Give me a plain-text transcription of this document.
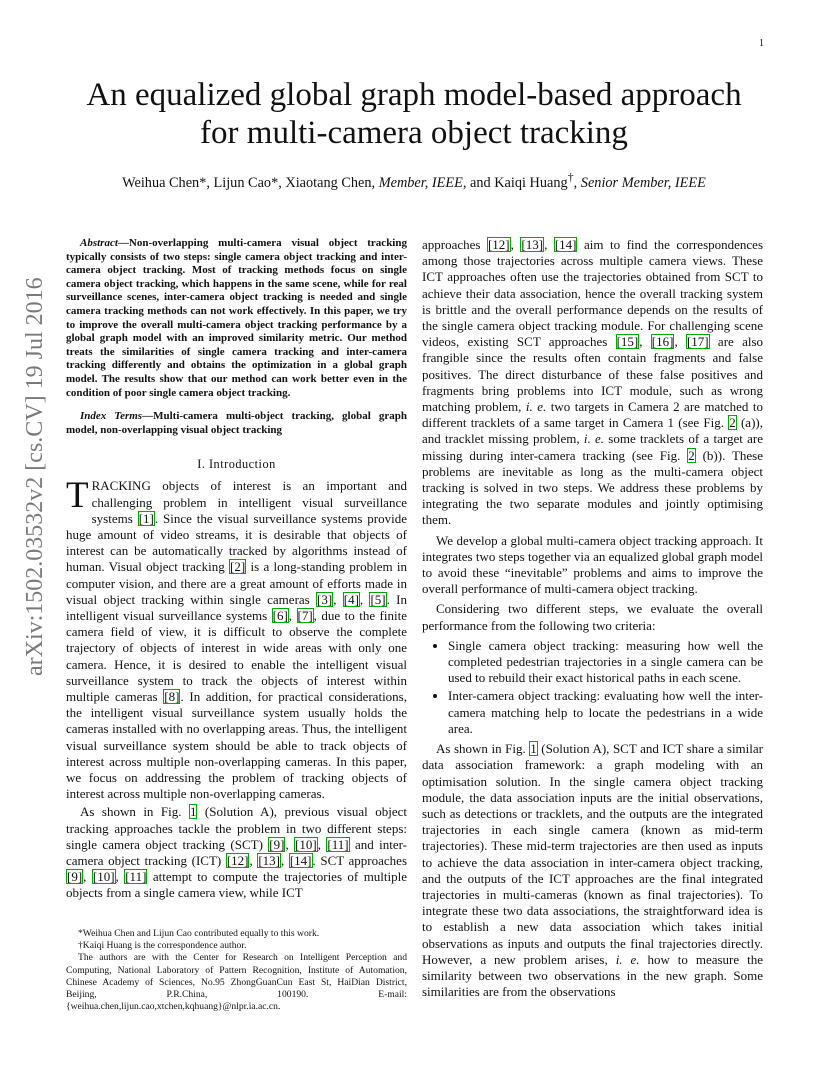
1
arXiv:1502.03532v2 [cs.CV] 19 Jul 2016
An equalized global graph model-based approach
for multi-camera object tracking
Weihua Chen*, Lijun Cao*, Xiaotang Chen, Member, IEEE, and Kaiqi Huang†, Senior Member, IEEE

Abstract—Non-overlapping multi-camera visual object tracking typically consists of two steps: single camera object tracking and inter-camera object tracking. Most of tracking methods focus on single camera object tracking, which happens in the same scene, while for real surveillance scenes, inter-camera object tracking is needed and single camera tracking methods can not work effectively. In this paper, we try to improve the overall multi-camera object tracking performance by a global graph model with an improved similarity metric. Our method treats the similarities of single camera tracking and inter-camera tracking differently and obtains the optimization in a global graph model. The results show that our method can work better even in the condition of poor single camera object tracking.

Index Terms—Multi-camera multi-object tracking, global graph model, non-overlapping visual object tracking

I. Introduction

TRACKING objects of interest is an important and challenging problem in intelligent visual surveillance systems [1]. Since the visual surveillance systems provide huge amount of video streams, it is desirable that objects of interest can be automatically tracked by algorithms instead of human. Visual object tracking [2] is a long-standing problem in computer vision, and there are a great amount of efforts made in visual object tracking within single cameras [3], [4], [5]. In intelligent visual surveillance systems [6], [7], due to the finite camera field of view, it is difficult to observe the complete trajectory of objects of interest in wide areas with only one camera. Hence, it is desired to enable the intelligent visual surveillance system to track the objects of interest within multiple cameras [8]. In addition, for practical considerations, the intelligent visual surveillance system usually holds the cameras installed with no overlapping areas. Thus, the intelligent visual surveillance system should be able to track objects of interest across multiple non-overlapping cameras. In this paper, we focus on addressing the problem of tracking objects of interest across multiple non-overlapping cameras.

As shown in Fig. 1 (Solution A), previous visual object tracking approaches tackle the problem in two different steps: single camera object tracking (SCT) [9], [10], [11] and inter-camera object tracking (ICT) [12], [13], [14]. SCT approaches [9], [10], [11] attempt to compute the trajectories of multiple objects from a single camera view, while ICT

*Weihua Chen and Lijun Cao contributed equally to this work.

†Kaiqi Huang is the correspondence author.

The authors are with the Center for Research on Intelligent Perception and Computing, National Laboratory of Pattern Recognition, Institute of Automation, Chinese Academy of Sciences, No.95 ZhongGuanCun East St, HaiDian District, Beijing, P.R.China, 100190. E-mail: {weihua.chen,lijun.cao,xtchen,kqhuang}@nlpr.ia.ac.cn.

approaches [12], [13], [14] aim to find the correspondences among those trajectories across multiple camera views. These ICT approaches often use the trajectories obtained from SCT to achieve their data association, hence the overall tracking system is brittle and the overall performance depends on the results of the single camera object tracking module. For challenging scene videos, existing SCT approaches [15], [16], [17] are also frangible since the results often contain fragments and false positives. The direct disturbance of these false positives and fragments bring problems into ICT module, such as wrong matching problem, i. e. two targets in Camera 2 are matched to different tracklets of a same target in Camera 1 (see Fig. 2 (a)), and tracklet missing problem, i. e. some tracklets of a target are missing during inter-camera tracking (see Fig. 2 (b)). These problems are inevitable as long as the multi-camera object tracking is solved in two steps. We address these problems by integrating the two separate modules and jointly optimising them.

We develop a global multi-camera object tracking approach. It integrates two steps together via an equalized global graph model to avoid these “inevitable” problems and aims to improve the overall performance of multi-camera object tracking.

Considering two different steps, we evaluate the overall performance from the following two criteria:

• Single camera object tracking: measuring how well the completed pedestrian trajectories in a single camera can be used to rebuild their exact historical paths in each scene.
• Inter-camera object tracking: evaluating how well the inter-camera matching help to locate the pedestrians in a wide area.

As shown in Fig. 1 (Solution A), SCT and ICT share a similar data association framework: a graph modeling with an optimisation solution. In the single camera object tracking module, the data association inputs are the initial observations, such as detections or tracklets, and the outputs are the integrated trajectories in each single camera (known as mid-term trajectories). These mid-term trajectories are then used as inputs to achieve the data association in inter-camera object tracking, and the outputs of the ICT approaches are the final integrated trajectories in multi-cameras (known as final trajectories). To integrate these two data associations, the straightforward idea is to establish a new data association which takes initial observations as inputs and outputs the final trajectories directly. However, a new problem arises, i. e. how to measure the similarity between two observations in the new graph. Some similarities are from the observations
